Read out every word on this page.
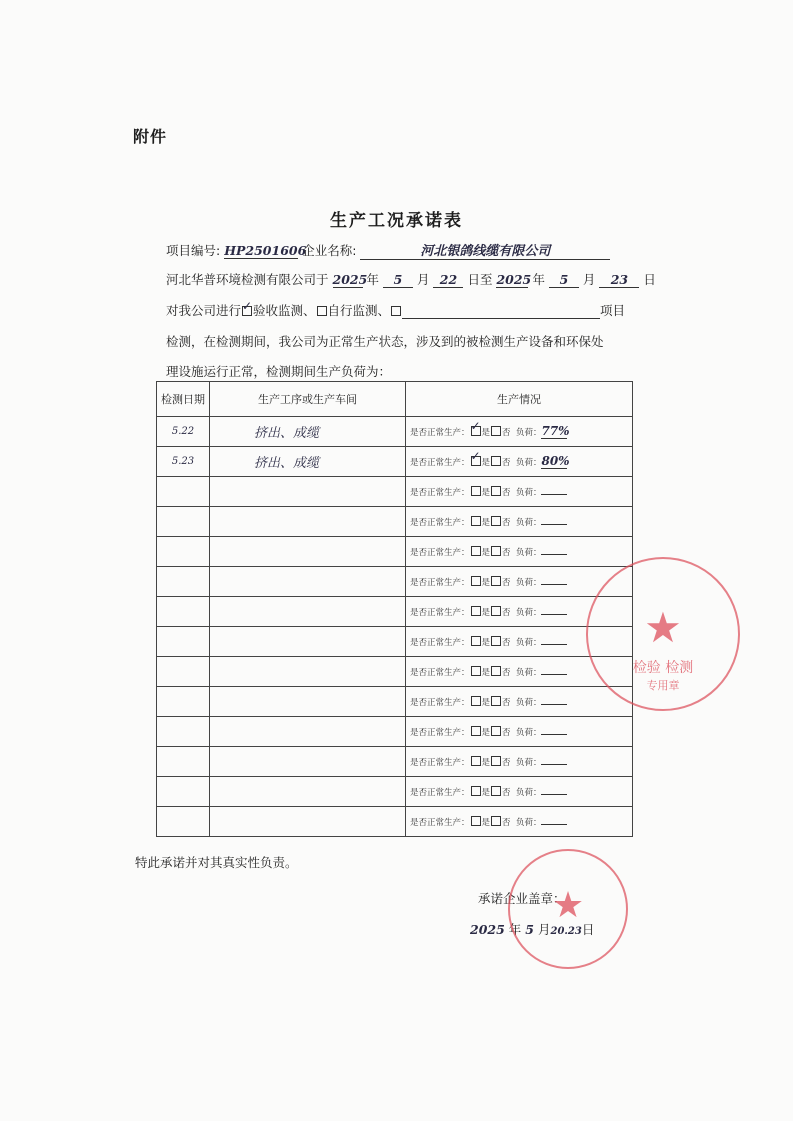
附件
生产工况承诺表
项目编号: HP2501606 企业名称:	河北银鸽线缆有限公司
河北华普环境检测有限公司于 2025 年 5 月 22 日至 2025 年 5 月 23 日
对我公司进行 ✓ 验收监测、 自行监测、	项目
检测，在检测期间，我公司为正常生产状态，涉及到的被检测生产设备和环保处
理设施运行正常，检测期间生产负荷为：
检测日期	生产工序或生产车间	生产情况
5.22	挤出、成缆	是否正常生产： ✓ 是 否 负荷：77%
5.23	挤出、成缆	是否正常生产： ✓ 是 否 负荷：80%
		是否正常生产： 是 否 负荷：
		是否正常生产： 是 否 负荷：
		是否正常生产： 是 否 负荷：
		是否正常生产： 是 否 负荷：
		是否正常生产： 是 否 负荷：
		是否正常生产： 是 否 负荷：
		是否正常生产： 是 否 负荷：
		是否正常生产： 是 否 负荷：
		是否正常生产： 是 否 负荷：
		是否正常生产： 是 否 负荷：
		是否正常生产： 是 否 负荷：
		是否正常生产： 是 否 负荷：
特此承诺并对其真实性负责。
承诺企业盖章：
2025 年 5 月20.23日
★
检验 检测
专用章
★
